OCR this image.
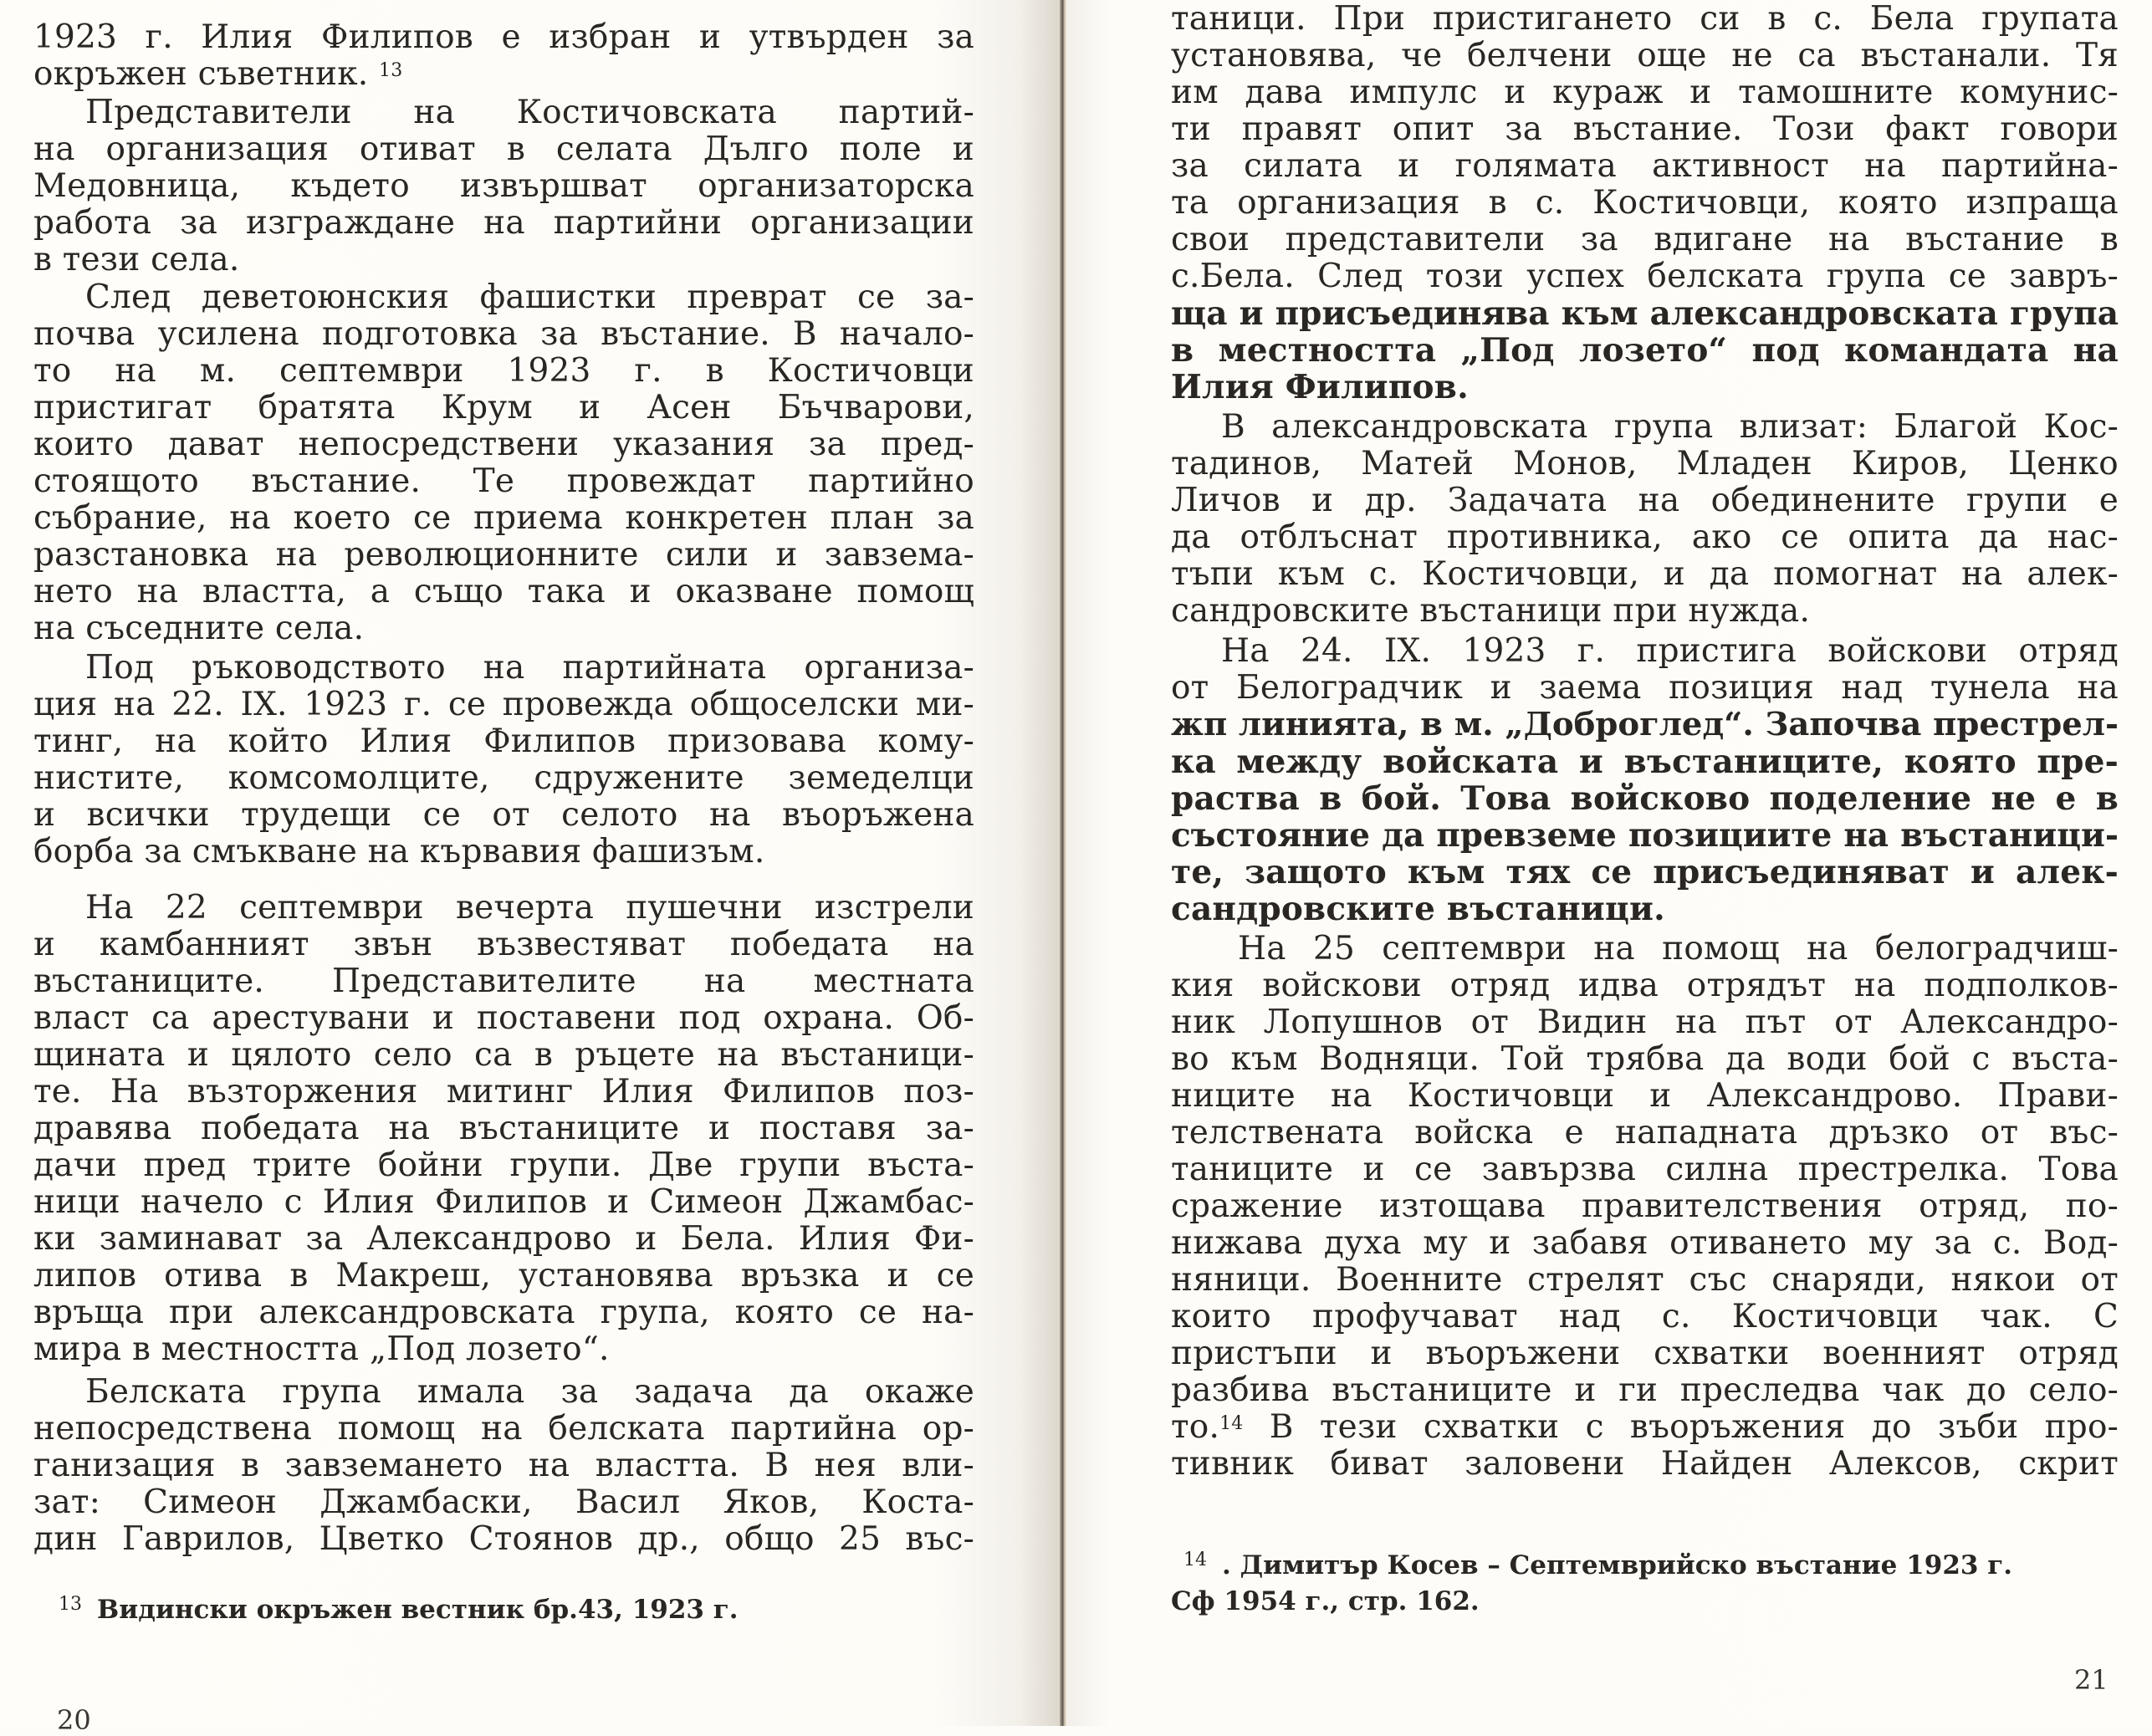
1923 г. Илия Филипов е избран и утвърден за
окръжен съветник. $^{13}$
Представители на Костичовската партий-
на организация отиват в селата Дълго поле и
Медовница, където извършват организаторска
работа за изграждане на партийни организации
в тези села.
След деветоюнския фашистки преврат се за-
почва усилена подготовка за въстание. В начало-
то на м. септември 1923 г. в Костичовци
пристигат братята Крум и Асен Бъчварови,
които дават непосредствени указания за пред-
стоящото въстание. Те провеждат партийно
събрание, на което се приема конкретен план за
разстановка на революционните сили и завзема-
нето на властта, а също така и оказване помощ
на съседните села.
Под ръководството на партийната организа-
ция на 22. IX. 1923 г. се провежда общоселски ми-
тинг, на който Илия Филипов призовава кому-
нистите, комсомолците, сдружените земеделци
и всички трудещи се от селото на въоръжена
борба за смъкване на кървавия фашизъм.
На 22 септември вечерта пушечни изстрели
и камбанният звън възвестяват победата на
въстаниците. Представителите на местната
власт са арестувани и поставени под охрана. Об-
щината и цялото село са в ръцете на въстаници-
те. На възторжения митинг Илия Филипов поз-
дравява победата на въстаниците и поставя за-
дачи пред трите бойни групи. Две групи въста-
ници начело с Илия Филипов и Симеон Джамбас-
ки заминават за Александрово и Бела. Илия Фи-
липов отива в Макреш, установява връзка и се
връща при александровската група, която се на-
мира в местността „Под лозето“.
Белската група имала за задача да окаже
непосредствена помощ на белската партийна ор-
ганизация в завземането на властта. В нея вли-
зат: Симеон Джамбаски, Васил Яков, Коста-
дин Гаврилов, Цветко Стоянов др., общо 25 въс-
$^{13}$ Видински окръжен вестник бр.43, 1923 г.
20
таници. При пристигането си в с. Бела групата
установява, че белчени още не са въстанали. Тя
им дава импулс и кураж и тамошните комунис-
ти правят опит за въстание. Този факт говори
за силата и голямата активност на партийна-
та организация в с. Костичовци, която изпраща
свои представители за вдигане на въстание в
с.Бела. След този успех белската група се завръ-
ща и присъединява към александровската група
в местността „Под лозето“ под командата на
Илия Филипов.
В александровската група влизат: Благой Кос-
тадинов, Матей Монов, Младен Киров, Ценко
Личов и др. Задачата на обединените групи е
да отблъснат противника, ако се опита да нас-
тъпи към с. Костичовци, и да помогнат на алек-
сандровските въстаници при нужда.
На 24. IX. 1923 г. пристига войскови отряд
от Белоградчик и заема позиция над тунела на
жп линията, в м. „Доброглед“. Започва престрел-
ка между войската и въстаниците, която пре-
раства в бой. Това войсково поделение не е в
състояние да превземе позициите на въстаници-
те, защото към тях се присъединяват и алек-
сандровските въстаници.
На 25 септември на помощ на белоградчиш-
кия войскови отряд идва отрядът на подполков-
ник Лопушнов от Видин на път от Александро-
во към Водняци. Той трябва да води бой с въста-
ниците на Костичовци и Александрово. Прави-
телствената войска е нападната дръзко от въс-
таниците и се завързва силна престрелка. Това
сражение изтощава правителствения отряд, по-
нижава духа му и забавя отиването му за с. Вод-
няници. Военните стрелят със снаряди, някои от
които профучават над с. Костичовци чак. С
пристъпи и въоръжени схватки военният отряд
разбива въстаниците и ги преследва чак до село-
то.$^{14}$ В тези схватки с въоръжения до зъби про-
тивник биват заловени Найден Алексов, скрит
$^{14}$ . Димитър Косев – Септемврийско въстание 1923 г.
Сф 1954 г., стр. 162.
21
